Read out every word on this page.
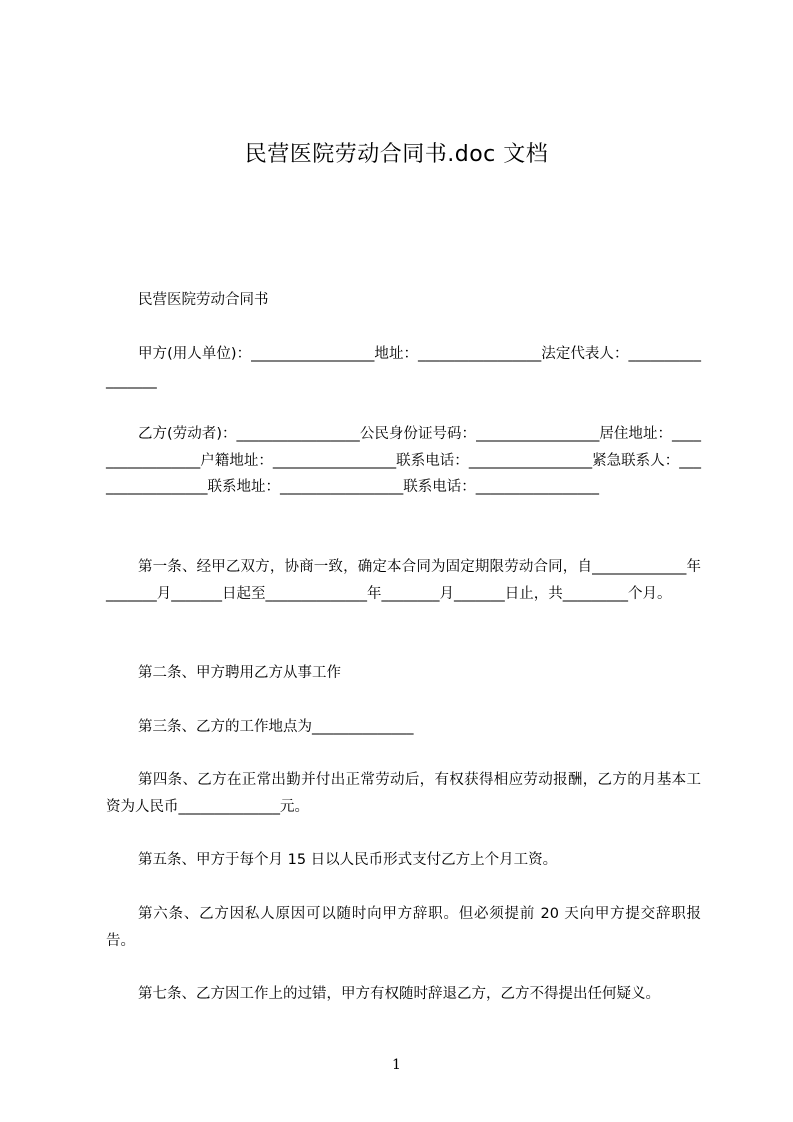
民营医院劳动合同书.doc 文档

民营医院劳动合同书

甲方(用人单位)：_________________地址：_________________法定代表人：_________________

乙方(劳动者)：_________________公民身份证号码：_________________居住地址：_________________户籍地址：_________________联系电话：_________________紧急联系人：_________________联系地址：_________________联系电话：_________________

第一条、经甲乙双方，协商一致，确定本合同为固定期限劳动合同，自_____________年_______月_______日起至______________年________月_______日止，共_________个月。

第二条、甲方聘用乙方从事工作

第三条、乙方的工作地点为______________

第四条、乙方在正常出勤并付出正常劳动后，有权获得相应劳动报酬，乙方的月基本工资为人民币______________元。

第五条、甲方于每个月 15 日以人民币形式支付乙方上个月工资。

第六条、乙方因私人原因可以随时向甲方辞职。但必须提前 20 天向甲方提交辞职报告。

第七条、乙方因工作上的过错，甲方有权随时辞退乙方，乙方不得提出任何疑义。

1
